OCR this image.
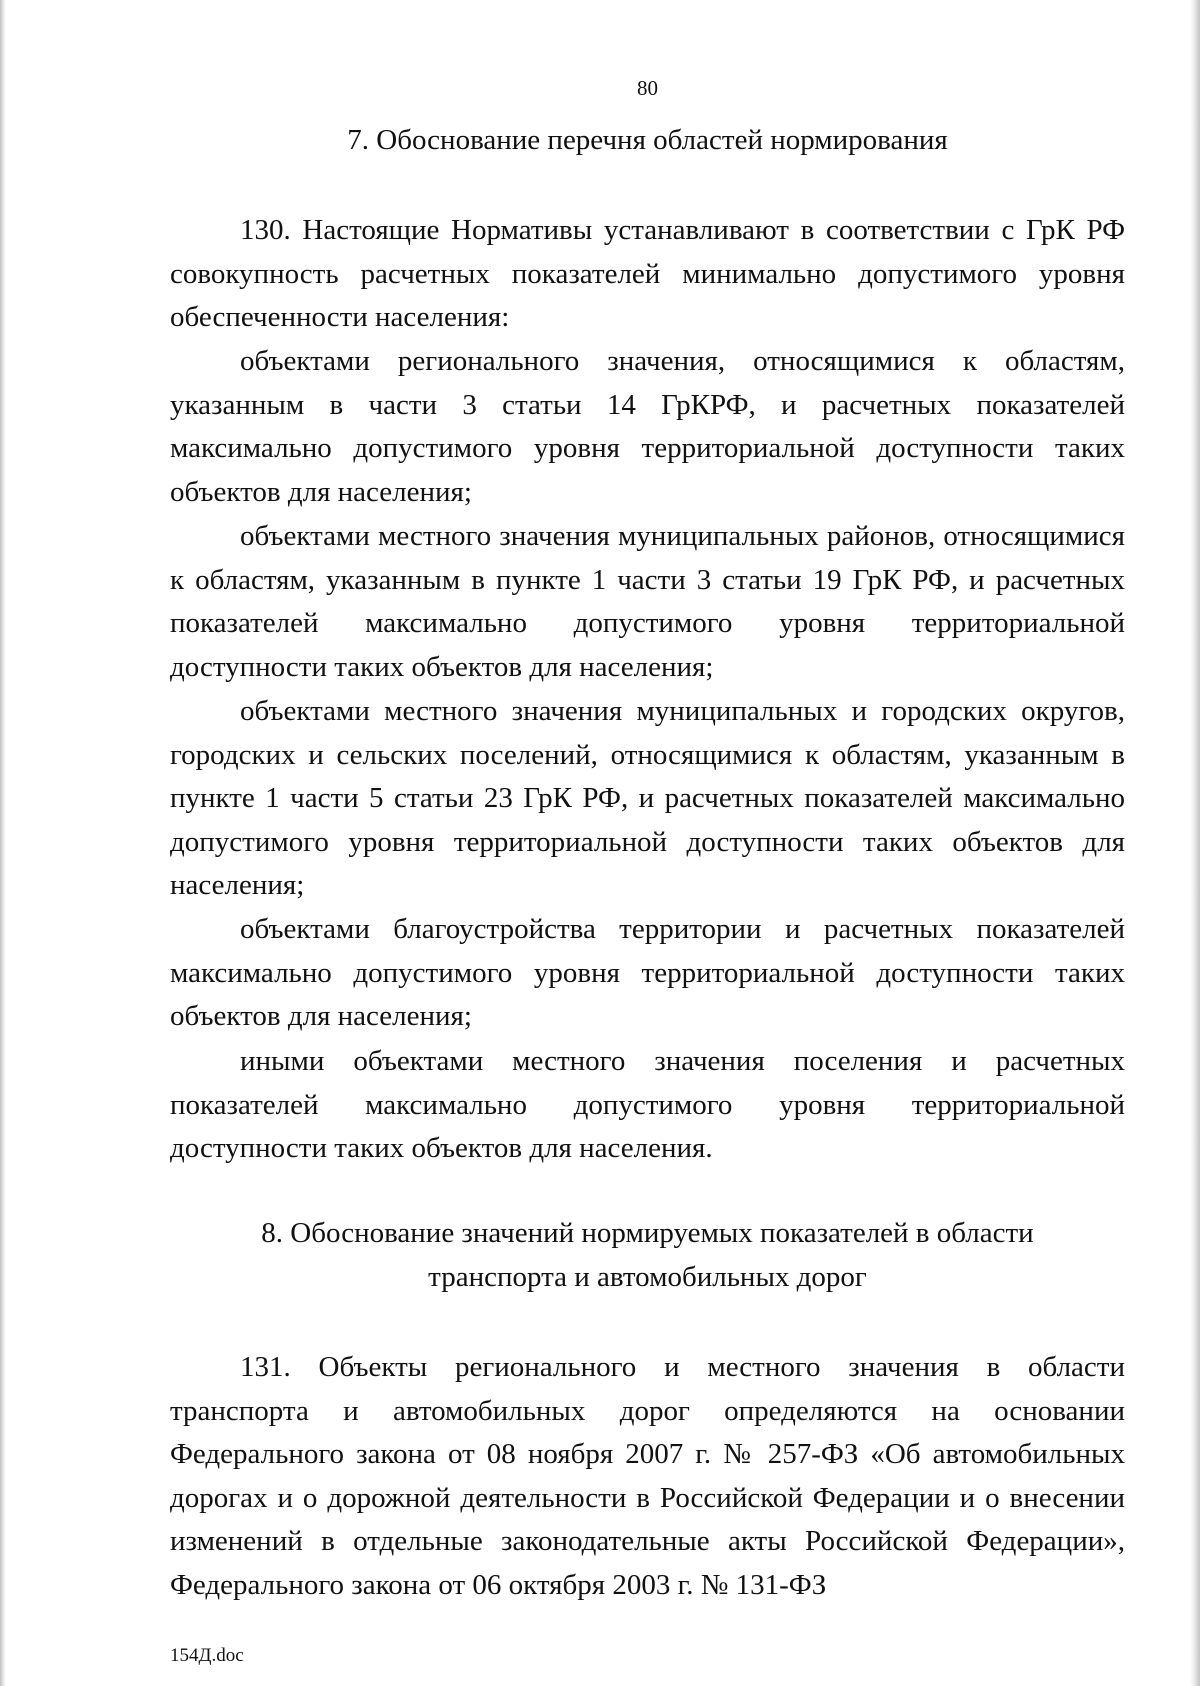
80
7. Обоснование перечня областей нормирования

130. Настоящие Нормативы устанавливают в соответствии с ГрК РФ совокупность расчетных показателей минимально допустимого уровня обеспеченности населения:

объектами регионального значения, относящимися к областям, указанным в части 3 статьи 14 ГрКРФ, и расчетных показателей максимально допустимого уровня территориальной доступности таких объектов для населения;

объектами местного значения муниципальных районов, относящимися к областям, указанным в пункте 1 части 3 статьи 19 ГрК РФ, и расчетных показателей максимально допустимого уровня территориальной доступности таких объектов для населения;

объектами местного значения муниципальных и городских округов, городских и сельских поселений, относящимися к областям, указанным в пункте 1 части 5 статьи 23 ГрК РФ, и расчетных показателей максимально допустимого уровня территориальной доступности таких объектов для населения;

объектами благоустройства территории и расчетных показателей максимально допустимого уровня территориальной доступности таких объектов для населения;

иными объектами местного значения поселения и расчетных показателей максимально допустимого уровня территориальной доступности таких объектов для населения.

8. Обоснование значений нормируемых показателей в области
транспорта и автомобильных дорог

131. Объекты регионального и местного значения в области транспорта и автомобильных дорог определяются на основании Федерального закона от 08 ноября 2007 г. № 257-ФЗ «Об автомобильных дорогах и о дорожной деятельности в Российской Федерации и о внесении изменений в отдельные законодательные акты Российской Федерации», Федерального закона от 06 октября 2003 г. № 131-ФЗ

154Д.doc
